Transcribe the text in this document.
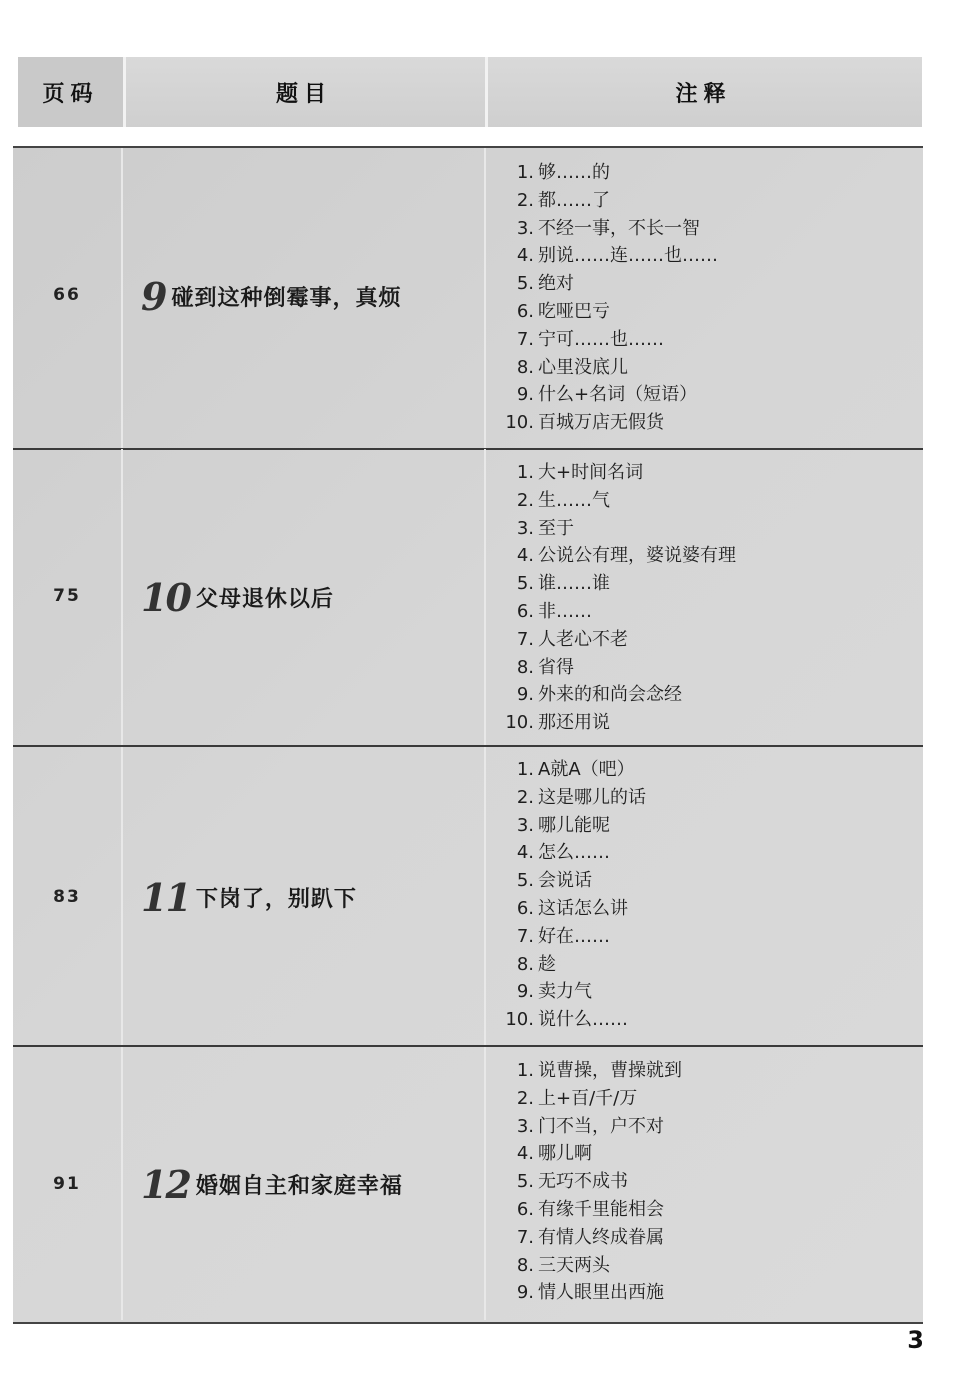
页码	题目	注释
66	9 碰到这种倒霉事，真烦
1. 够……的
2. 都……了
3. 不经一事，不长一智
4. 别说……连……也……
5. 绝对
6. 吃哑巴亏
7. 宁可……也……
8. 心里没底儿
9. 什么+名词（短语）
10. 百城万店无假货
75	10 父母退休以后
1. 大+时间名词
2. 生……气
3. 至于
4. 公说公有理，婆说婆有理
5. 谁……谁
6. 非……
7. 人老心不老
8. 省得
9. 外来的和尚会念经
10. 那还用说
83	11 下岗了，别趴下
1. A就A（吧）
2. 这是哪儿的话
3. 哪儿能呢
4. 怎么……
5. 会说话
6. 这话怎么讲
7. 好在……
8. 趁
9. 卖力气
10. 说什么……
91	12 婚姻自主和家庭幸福
1. 说曹操，曹操就到
2. 上+百/千/万
3. 门不当，户不对
4. 哪儿啊
5. 无巧不成书
6. 有缘千里能相会
7. 有情人终成眷属
8. 三天两头
9. 情人眼里出西施
3
